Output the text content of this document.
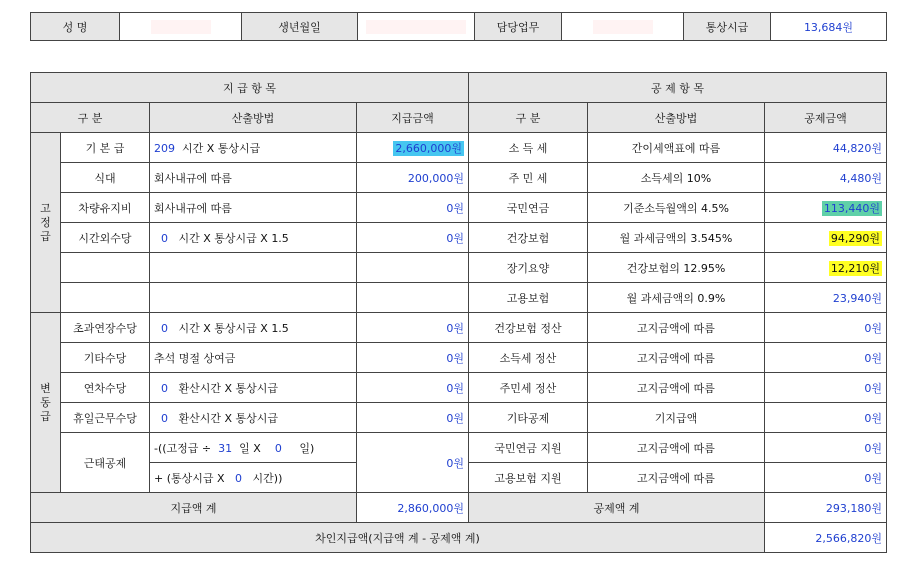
성 명		생년월일		담당업무		통상시급	13,684원
지 급 항 목				공 제 항 목		
구 분		산출방법	지급금액	구 분	산출방법	공제금액

고
정
급	기 본 급	209 시간 X 통상시급	2,660,000원	소 득 세	간이세액표에 따름	44,820원
	식대	회사내규에 따름	200,000원	주 민 세	소득세의 10%	4,480원
	차량유지비	회사내규에 따름	0원	국민연금	기준소득월액의 4.5%	113,440원
	시간외수당	0 시간 X 통상시급 X 1.5	0원	건강보험	월 과세금액의 3.545%	94,290원
				장기요양	건강보험의 12.95%	12,210원
				고용보험	월 과세금액의 0.9%	23,940원

변
동
급	초과연장수당	0 시간 X 통상시급 X 1.5	0원	건강보험 정산	고지금액에 따름	0원
	기타수당	추석 명절 상여금	0원	소득세 정산	고지금액에 따름	0원
	연차수당	0 환산시간 X 통상시급	0원	주민세 정산	고지금액에 따름	0원
	휴일근무수당	0 환산시간 X 통상시급	0원	기타공제	기지급액	0원
	근태공제	-((고정급 ÷ 31 일 X 0 일)	0원	국민연금 지원	고지금액에 따름	0원
		+ (통상시급 X 0 시간))		고용보험 지원	고지금액에 따름	0원
지급액 계			2,860,000원	공제액 계		293,180원
차인지급액(지급액 계 - 공제액 계)						2,566,820원
